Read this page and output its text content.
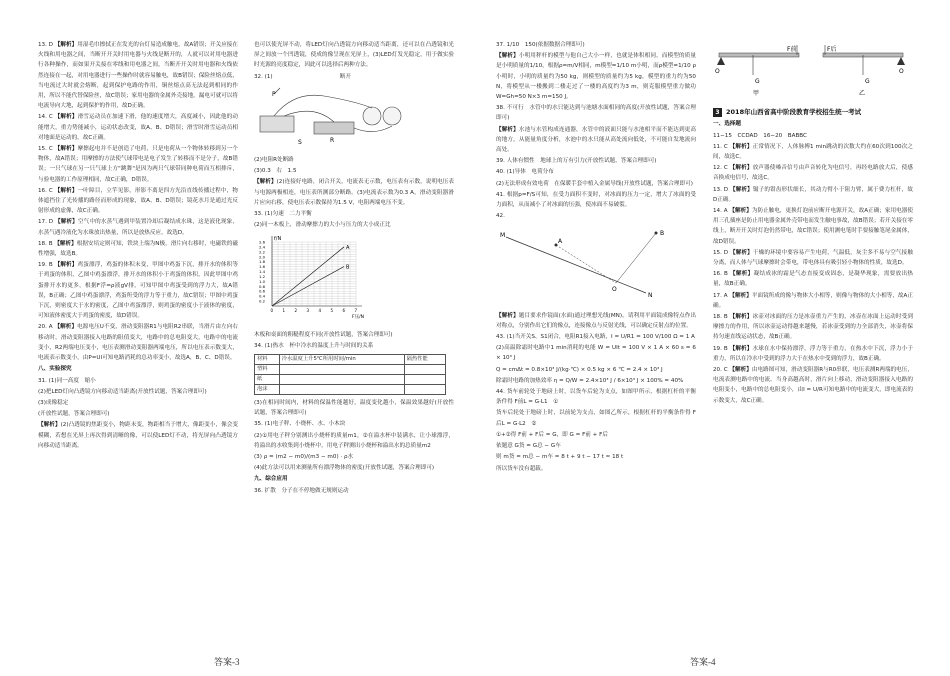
13. D 【解析】用湿毛巾擦拭正在发光的台灯易造成触电，故A错误；开关应接在火线和用电器之间，当断开开关时用电器与火线是断开的，人就可以对用电器进行各种操作，而如果开关接在零线和用电器之间，当断开开关时用电器和火线依然连接在一起，对用电器进行一些操作时就容易触电，故B错误；保险丝熔点低，当电流过大时就会熔断，起到保护电路的作用，铜丝熔点高无法起到相同的作用，所以不能代替保险丝，故C错误；家用电器的金属外壳接地，漏电可就可以将电流导向大地，起到保护的作用，故D正确。

14. C 【解析】滑雪运动员在加速下滑，他的速度增大，高度减小，因此他的动能增大，重力势能减小，运动状态改变，故A、B、D错误；滑雪时滑雪运动员相对地面是运动的，故C正确。

15. C 【解析】摩擦起电并不是创造了电荷，只是电荷从一个物体转移到另一个物体，故A错误；用摩擦的方法使气球带电是电子发生了转移而不是分子，故B错误；一只气球在另一只气球上方"跳舞"是因为两只气球带同种电荷而互相排斥，与验电器的工作原理相同，故C正确，D错误。

16. C 【解析】一叶障目，立竿见影，形影不离是四方光沿直线传播过程中，物体遮挡住了光传播的路径而形成的现象，故A、B、D错误；镜花水月是通过光反射形成的虚像，故C正确。

17. D 【解析】空气中的水蒸气遇到甲装置冷却后凝结成水珠，这是液化现象，水蒸气遇冷液化为水珠放出热量，所以是放热反应，故选D。

18. B 【解析】根据安培定则可知，铁块上端为N极，滑片向右移时，电磁铁的磁性增强，故选B。

19. B 【解析】鸡蛋漂浮，鸡蛋的体积未变，甲图中鸡蛋下沉，排开水的体积等于鸡蛋的体积，乙图中鸡蛋漂浮，排开水的体积小于鸡蛋的体积，因此甲图中鸡蛋排开水的更多，根据F浮=ρ液gV排，可知甲图中鸡蛋受到的浮力大，故A错误，B正确；乙图中鸡蛋漂浮，鸡蛋所受的浮力等于重力，故C错误；甲图中鸡蛋下沉，则密度大于水的密度，乙图中鸡蛋漂浮，则鸡蛋的密度小于液体的密度，可知液体密度大于鸡蛋的密度，故D错误。

20. A 【解析】电源电压U不变，滑动变阻器R1与电阻R2串联，当滑片由左向右移动时，滑动变阻器接入电路的阻值变大，电路中的总电阻变大，电路中的电流变小，R2两端电压变小，电压表测滑动变阻器两端电压，所以电压表示数变大，电流表示数变小，由P=UI可知电路消耗的总功率变小，故选A，B、C、D错误。

八、实验探究

31. (1)同一高度　缩小

(2)把LED灯向凸透镜方向移动适当距离(开放性试题，答案合理即可)

(3)成像稳定

(开放性试题，答案合理即可)

【解析】(2)凸透镜的焦距变小，物距未变，物距相当于增大，像距变小，像会变模糊，若想在光屏上再次得到清晰的像，可以使LED灯不动，将光屏向凸透镜方向移动适当距离。

也可以使光屏不动，将LED灯向凸透镜方向移动适当距离，还可以在凸透镜和光屏之间放一个凹透镜，使成的像呈现在光屏上，(3)LED灯发光稳定，用于做实验时光源的亮度稳定，因此可以选择后两种方法。

32. (1)　　　　　　　　　　　　断开

P
R
S

(2)电阻R处断路

(3)0.3　右　1.5

【解析】(2)连接好电路，闭合开关，电流表无示数，电压表有示数，说明电压表与电源两极相连，电压表所测部分断路。(3)电流表示数为0.3 A，滑动变阻器滑片应向右移，使电压表示数保持为1.5 V，电阻两端电压不变。

33. (1)匀速　二力平衡

(2)同一木板上，滑动摩擦力的大小与压力的大小成正比

f/N
F压/N
0.2
0.4
0.6
0.8
1.0
1.2
1.4
1.6
1.8
2.0
2.2
2.4
2.6
0 1 2 3 4 5 6 7
A
B

木板和桌面的粗糙程度不同(开放性试题，答案合理即可)

34. (1)热水　杯中冷水的温度上升与时间的关系

材料	冷水温度上升5℃所用时间/min	隔热性能
塑料		
纸		
泡沫		

(3)在相同时间内，材料的保温性能越好，温度变化越小，保温效果越好(开放性试题，答案合理即可)

35. (1)电子秤、小烧杯、水、小木块

(2)①用电子秤分别测出小烧杯的质量m1，②在溢水杯中装满水，让小球漂浮，将溢出的水收集到小烧杯中，用电子秤测出小烧杯和溢出水的总质量m2

(3) ρ = (m2 − m0)/(m3 − m0) · ρ水

(4)此方法可以用来测量所有漂浮物体的密度(开放性试题，答案合理即可)

九、综合应用

36. 扩散　分子在不停地做无规则运动

37. 1/10　150(依据数据合理即可)

【解析】小明用秤杆的模型与他自己大小一样，也就是体积相同，而模型的质量是小明质量的1/10，根据ρ=m/V相同，m模型=1/10 m小明，而ρ模型=1/10 ρ小明时，小明的质量约为50 kg，则模型的质量约为5 kg，模型的重力约为50 N，将模型从一楼搬到二楼走过了一楼的高度约为3 m，则克服模型重力做功W=Gh=50 N×3 m=150 J。

38. 不可行　水管中的水只能达到与池塘水面相同的高度(开放性试题，答案合理即可)

【解析】水池与水管构成连通器，水管中的液面只能与水池相平而不能达到更高的地方，从能量角度分析，水池中的水只能从高处流向低处，不可能自发地流向高处。

39. 人体有惯性　地球上的万有引力(开放性试题，答案合理即可)

40. (1)导体　电荷分布

(2)无法形成有效电荷　在保暖手套中植入金属导线(开放性试题，答案合理即可)

41. 根据p=F/S可知，在受力面积不变时，对冰面的压力一定，增大了冰面的受力面积，从而减小了对冰面的压强，使冰面不易破裂。

42.

M
N
A
B
O

【解析】题目要求作镜面(水面)通过理想光线(MN)，请利用平面镜成像特点作出对称点，分别作出它们的像点，连接像点与反射光线，可以确定反射点的位置。

43. (1)当开关S、S1闭合，电阻R1接入电路，I = U/R1 = 100 V/100 Ω = 1 A

(2)高温除霜时电路中1 min消耗的电能 W = UIt = 100 V × 1 A × 60 s = 6 × 10³ J

Q = cmΔt = 0.8×10³ J/(kg·℃) × 0.5 kg × 6 ℃ = 2.4 × 10³ J

除霜时电路的加热效率 η = Q/W = 2.4×10³ J / 6×10³ J × 100% = 40%

44. 货车前轮处于地磅上时，以货车后轮为支点，如图甲所示，根据杠杆的平衡条件得 F前L = G·L1　①

货车后轮处于地磅上时，以前轮为支点，如图乙所示，根据杠杆的平衡条件得 F后L = G·L2　②

①+②得 F前 + F后 = G，即 G = F前 + F后

依题意 G货 = G总 − G车

则 m货 = m总 − m车 = 8 t + 9 t − 17 t ≈ 18 t

所以货车没有超载。

F前	F后
G	G
O	O
甲	乙
3 2018年山西省高中阶段教育学校招生统一考试

一、选择题

11−15　CCDAD　16−20　BABBC

11. C 【解析】正常情况下，人体脉搏1 min跳动的次数大约在60次到100次之间，故选C。

12. C 【解析】放声器使嗓音信号由声音转化为电信号，再经电路放大后，使感音换成电信号，故选C。

13. D 【解析】镊子的钳齿形状细长，其动力臂小于阻力臂，属于费力杠杆，故D正确。

14. A 【解析】为防止触电，更换灯泡前应断开电源开关，故A正确；家用电器使用三孔插座是防止用电器金属外壳带电而发生触电事故，故B错误；若开关接在零线上，断开开关时灯泡仍然带电，故C错误；使用测电笔时手要接触笔尾金属体，故D错误。

15. D 【解析】干燥的环境中要容易产生电荷，气温低，灰尘多不易与空气接触分离，而人体与气球摩擦时会带电，带电体具有吸引轻小物体的性质，故选D。

16. B 【解析】凝结成冰的霜是气态直接变成固态，是凝华现象，需要放出热量，故B正确。

17. A 【解析】平面镜所成的像与物体大小相等，则像与物体的大小相等，故A正确。

18. B 【解析】冰壶对冰面的压力是冰壶重力产生的，冰壶在冰面上运动时受到摩擦力的作用，所以冰壶运动得越来越慢，若冰壶受到的力全部消失，冰壶将保持匀速直线运动状态，故B正确。

19. B 【解析】水球在水中保持漂浮，浮力等于重力，在热水中下沉，浮力小于重力，所以在冷水中受到的浮力大于在热水中受到的浮力，故B正确。

20. C 【解析】由电路图可知，滑动变阻器R与R0串联，电压表测R两端的电压，电流表测电路中的电流。当身高越高时，滑片向上移动，滑动变阻器接入电路的电阻变小，电路中的总电阻变小，由I = U/R可知电路中的电流变大，即电流表的示数变大，故C正确。

答案-3	答案-4
